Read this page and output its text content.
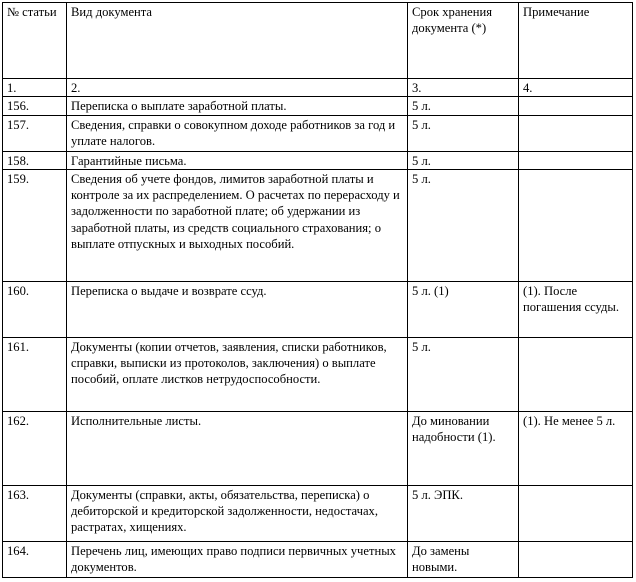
№ статьи	Вид документа	Срок хранения документа (*)	Примечание
1.	2.	3.	4.
156.	Переписка о выплате заработной платы.	5 л.	
157.	Сведения, справки о совокупном доходе работников за год и уплате налогов.	5 л.	
158.	Гарантийные письма.	5 л.	
159.	Сведения об учете фондов, лимитов заработной платы и контроле за их распределением. О расчетах по перерасходу и задолженности по заработной плате; об удержании из заработной платы, из средств социального страхования; о выплате отпускных и выходных пособий.	5 л.	
160.	Переписка о выдаче и возврате ссуд.	5 л. (1)	(1). После погашения ссуды.
161.	Документы (копии отчетов, заявления, списки работников, справки, выписки из протоколов, заключения) о выплате пособий, оплате листков нетрудоспособности.	5 л.	
162.	Исполнительные листы.	До миновании надобности (1).	(1). Не менее 5 л.
163.	Документы (справки, акты, обязательства, переписка) о дебиторской и кредиторской задолженности, недостачах, растратах, хищениях.	5 л. ЭПК.	
164.	Перечень лиц, имеющих право подписи первичных учетных документов.	До замены новыми.	
